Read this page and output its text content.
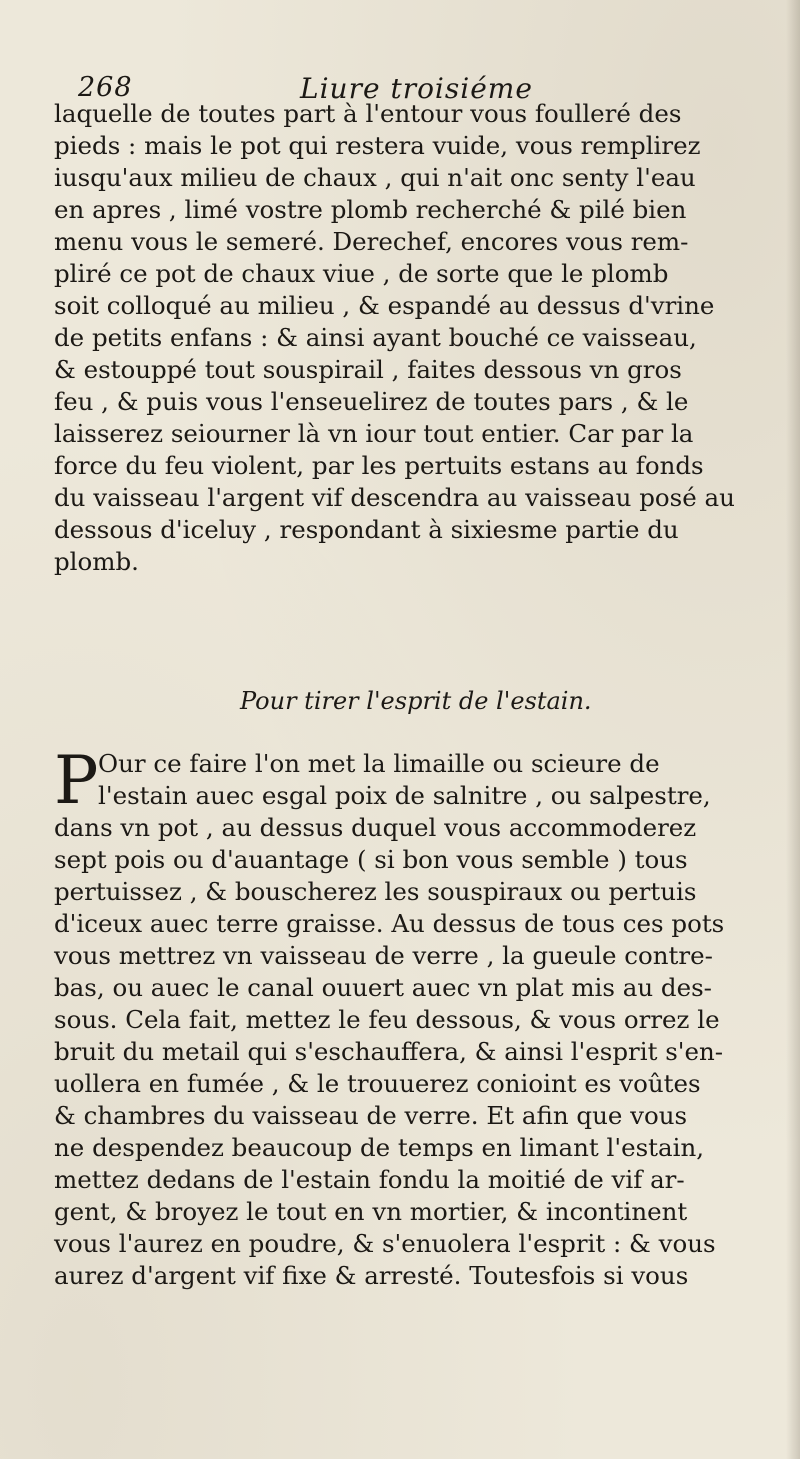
268	Liure troisiéme
laquelle de toutes part à l'entour vous foulleré des
pieds : mais le pot qui restera vuide, vous remplirez
iusqu'aux milieu de chaux , qui n'ait onc senty l'eau
en apres , limé vostre plomb recherché & pilé bien
menu vous le semeré. Derechef, encores vous rem-
pliré ce pot de chaux viue , de sorte que le plomb
soit colloqué au milieu , & espandé au dessus d'vrine
de petits enfans : & ainsi ayant bouché ce vaisseau,
& estouppé tout souspirail , faites dessous vn gros
feu , & puis vous l'enseuelirez de toutes pars , & le
laisserez seiourner là vn iour tout entier. Car par la
force du feu violent, par les pertuits estans au fonds
du vaisseau l'argent vif descendra au vaisseau posé au
dessous d'iceluy , respondant à sixiesme partie du
plomb.
Pour tirer l'esprit de l'estain.
P Our ce faire l'on met la limaille ou scieure de
l'estain auec esgal poix de salnitre , ou salpestre,
dans vn pot , au dessus duquel vous accommoderez
sept pois ou d'auantage ( si bon vous semble ) tous
pertuissez , & bouscherez les souspiraux ou pertuis
d'iceux auec terre graisse. Au dessus de tous ces pots
vous mettrez vn vaisseau de verre , la gueule contre-
bas, ou auec le canal ouuert auec vn plat mis au des-
sous. Cela fait, mettez le feu dessous, & vous orrez le
bruit du metail qui s'eschauffera, & ainsi l'esprit s'en-
uollera en fumée , & le trouuerez conioint es voûtes
& chambres du vaisseau de verre. Et afin que vous
ne despendez beaucoup de temps en limant l'estain,
mettez dedans de l'estain fondu la moitié de vif ar-
gent, & broyez le tout en vn mortier, & incontinent
vous l'aurez en poudre, & s'enuolera l'esprit : & vous
aurez d'argent vif fixe & arresté. Toutesfois si vous
